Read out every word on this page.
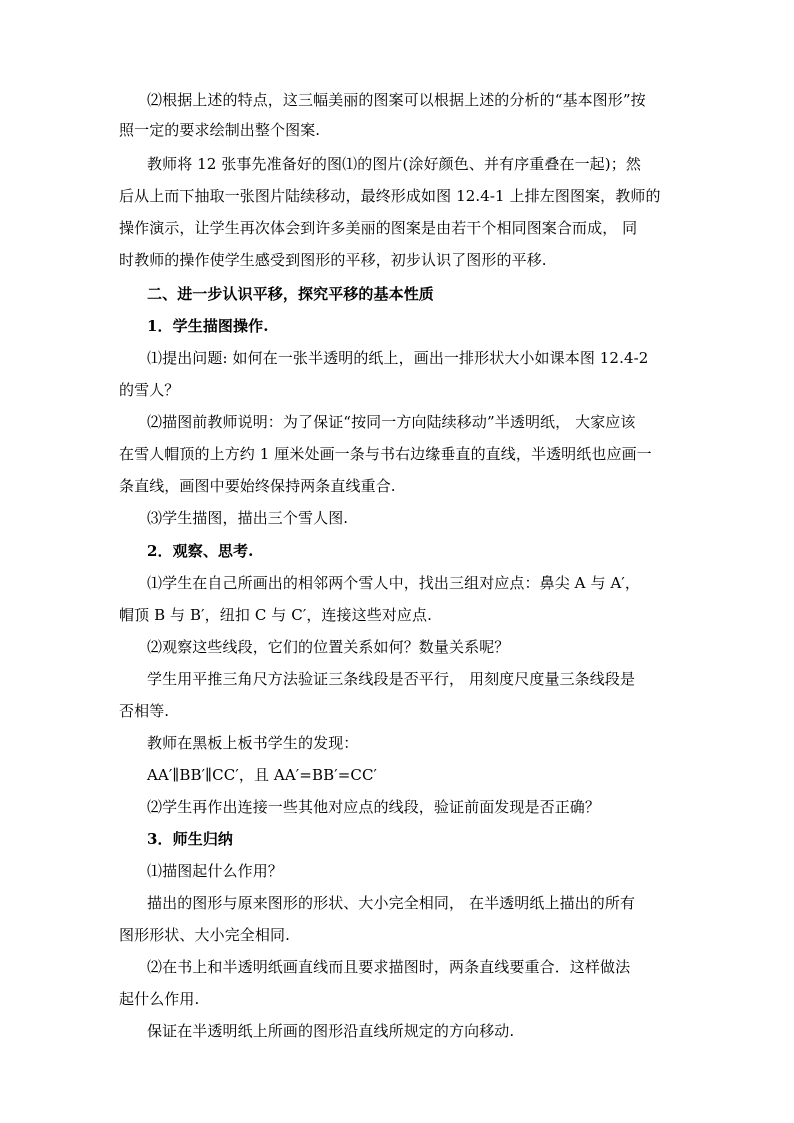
⑵根据上述的特点，这三幅美丽的图案可以根据上述的分析的“基本图形”按
照一定的要求绘制出整个图案.
教师将 12 张事先准备好的图⑴的图片(涂好颜色、并有序重叠在一起)；然
后从上而下抽取一张图片陆续移动，最终形成如图 12.4-1 上排左图图案，教师的
操作演示，让学生再次体会到许多美丽的图案是由若干个相同图案合而成， 同
时教师的操作使学生感受到图形的平移，初步认识了图形的平移.
二、进一步认识平移，探究平移的基本性质
1．学生描图操作.
⑴提出问题: 如何在一张半透明的纸上，画出一排形状大小如课本图 12.4-2
的雪人？
⑵描图前教师说明：为了保证“按同一方向陆续移动”半透明纸， 大家应该
在雪人帽顶的上方约 1 厘米处画一条与书右边缘垂直的直线，半透明纸也应画一
条直线，画图中要始终保持两条直线重合.
⑶学生描图，描出三个雪人图.
2．观察、思考.
⑴学生在自己所画出的相邻两个雪人中，找出三组对应点：鼻尖 A 与 A′，
帽顶 B 与 B′，纽扣 C 与 C′，连接这些对应点.
⑵观察这些线段，它们的位置关系如何？数量关系呢？
学生用平推三角尺方法验证三条线段是否平行， 用刻度尺度量三条线段是
否相等.
教师在黑板上板书学生的发现：
AA′∥BB′∥CC′，且 AA′=BB′=CC′
⑵学生再作出连接一些其他对应点的线段，验证前面发现是否正确？
3．师生归纳
⑴描图起什么作用？
描出的图形与原来图形的形状、大小完全相同， 在半透明纸上描出的所有
图形形状、大小完全相同.
⑵在书上和半透明纸画直线而且要求描图时，两条直线要重合．这样做法
起什么作用.
保证在半透明纸上所画的图形沿直线所规定的方向移动.
